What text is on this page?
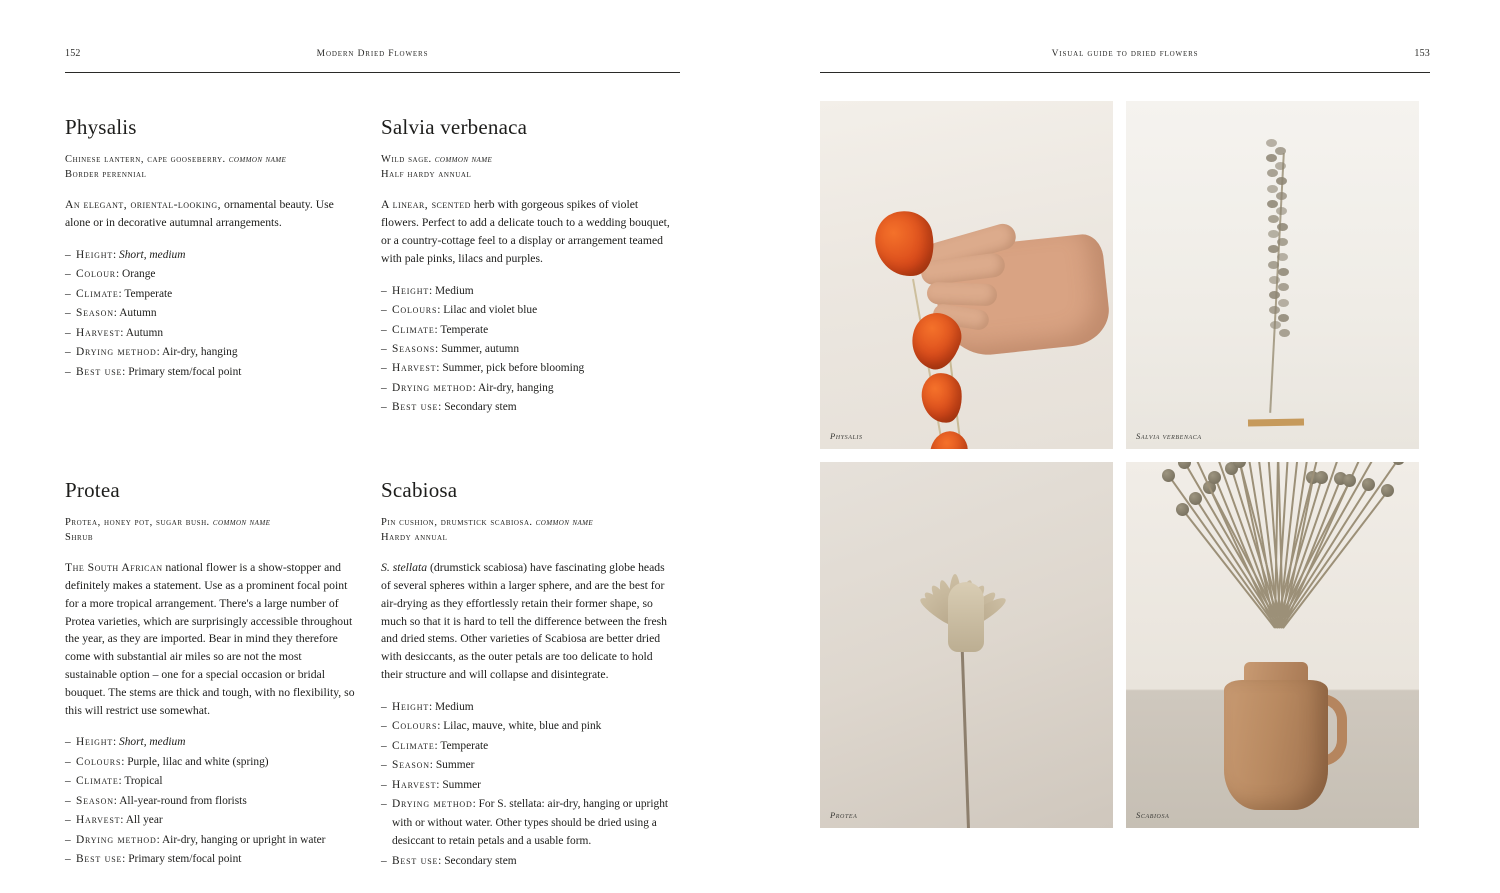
152	Modern Dried Flowers
Physalis
Chinese lantern, cape gooseberry. common name
Border perennial

An elegant, oriental-looking, ornamental beauty. Use alone or in decorative autumnal arrangements.

– Height: Short, medium
– Colour: Orange
– Climate: Temperate
– Season: Autumn
– Harvest: Autumn
– Drying method: Air-dry, hanging
– Best use: Primary stem/focal point
Salvia verbenaca
Wild sage. common name
Half hardy annual

A linear, scented herb with gorgeous spikes of violet flowers. Perfect to add a delicate touch to a wedding bouquet, or a country-cottage feel to a display or arrangement teamed with pale pinks, lilacs and purples.

– Height: Medium
– Colours: Lilac and violet blue
– Climate: Temperate
– Seasons: Summer, autumn
– Harvest: Summer, pick before blooming
– Drying method: Air-dry, hanging
– Best use: Secondary stem
Protea
Protea, honey pot, sugar bush. common name
Shrub

The South African national flower is a show-stopper and definitely makes a statement. Use as a prominent focal point for a more tropical arrangement. There's a large number of Protea varieties, which are surprisingly accessible throughout the year, as they are imported. Bear in mind they therefore come with substantial air miles so are not the most sustainable option – one for a special occasion or bridal bouquet. The stems are thick and tough, with no flexibility, so this will restrict use somewhat.

– Height: Short, medium
– Colours: Purple, lilac and white (spring)
– Climate: Tropical
– Season: All-year-round from florists
– Harvest: All year
– Drying method: Air-dry, hanging or upright in water
– Best use: Primary stem/focal point
Scabiosa
Pin cushion, drumstick scabiosa. common name
Hardy annual

S. stellata (drumstick scabiosa) have fascinating globe heads of several spheres within a larger sphere, and are the best for air-drying as they effortlessly retain their former shape, so much so that it is hard to tell the difference between the fresh and dried stems. Other varieties of Scabiosa are better dried with desiccants, as the outer petals are too delicate to hold their structure and will collapse and disintegrate.

– Height: Medium
– Colours: Lilac, mauve, white, blue and pink
– Climate: Temperate
– Season: Summer
– Harvest: Summer
– Drying method: For S. stellata: air-dry, hanging or upright with or without water. Other types should be dried using a desiccant to retain petals and a usable form.
– Best use: Secondary stem
Visual guide to dried flowers	153
Physalis	Salvia verbenaca
Protea	Scabiosa
